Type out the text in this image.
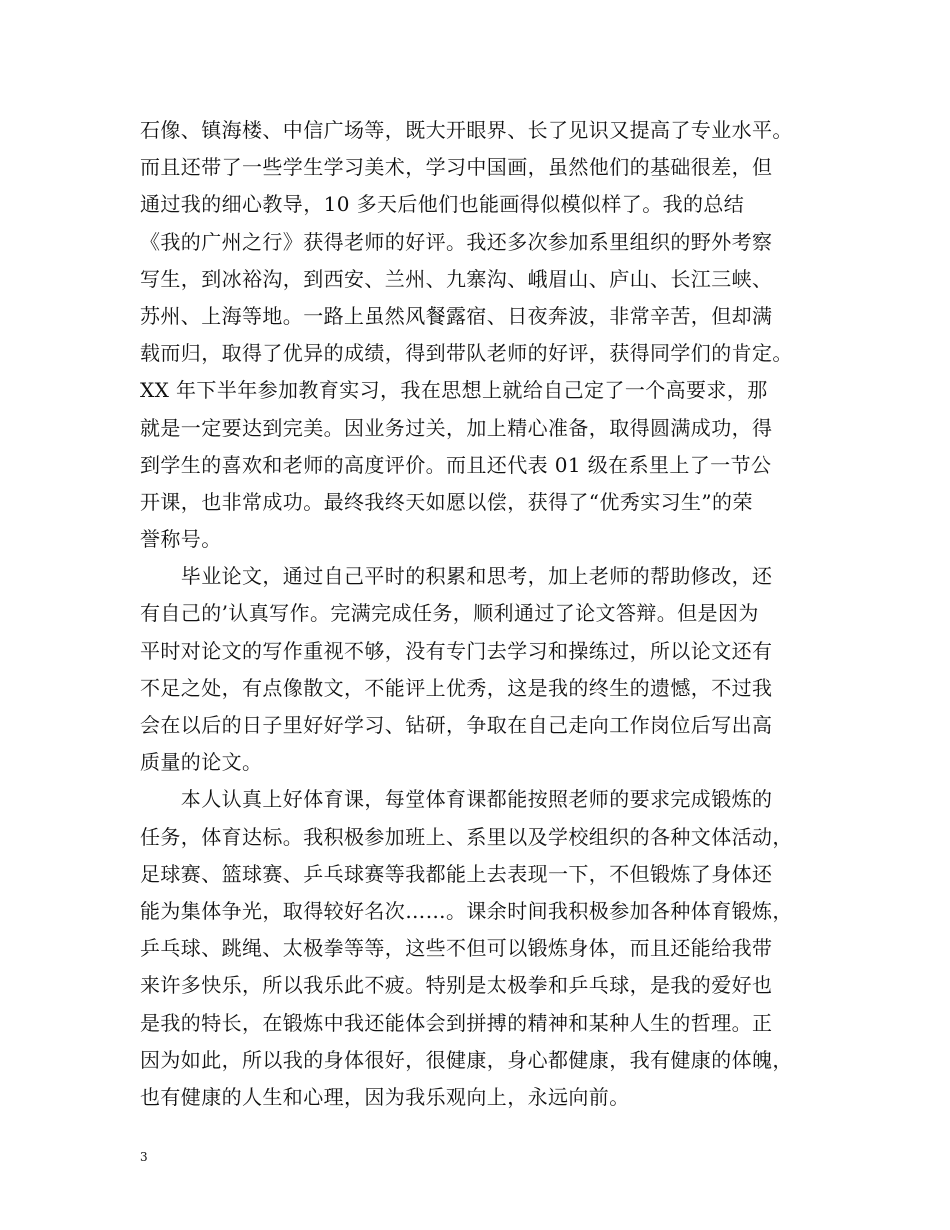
石像、镇海楼、中信广场等，既大开眼界、长了见识又提高了专业水平。
而且还带了一些学生学习美术，学习中国画，虽然他们的基础很差，但
通过我的细心教导，10 多天后他们也能画得似模似样了。我的总结
《我的广州之行》获得老师的好评。我还多次参加系里组织的野外考察
写生，到冰裕沟，到西安、兰州、九寨沟、峨眉山、庐山、长江三峡、
苏州、上海等地。一路上虽然风餐露宿、日夜奔波，非常辛苦，但却满
载而归，取得了优异的成绩，得到带队老师的好评，获得同学们的肯定。
XX 年下半年参加教育实习，我在思想上就给自己定了一个高要求，那
就是一定要达到完美。因业务过关，加上精心准备，取得圆满成功，得
到学生的喜欢和老师的高度评价。而且还代表 01 级在系里上了一节公
开课，也非常成功。最终我终天如愿以偿，获得了“优秀实习生”的荣
誉称号。
　　毕业论文，通过自己平时的积累和思考，加上老师的帮助修改，还
有自己的’认真写作。完满完成任务，顺利通过了论文答辩。但是因为
平时对论文的写作重视不够，没有专门去学习和操练过，所以论文还有
不足之处，有点像散文，不能评上优秀，这是我的终生的遗憾，不过我
会在以后的日子里好好学习、钻研，争取在自己走向工作岗位后写出高
质量的论文。
　　本人认真上好体育课，每堂体育课都能按照老师的要求完成锻炼的
任务，体育达标。我积极参加班上、系里以及学校组织的各种文体活动，
足球赛、篮球赛、乒乓球赛等我都能上去表现一下，不但锻炼了身体还
能为集体争光，取得较好名次……。课余时间我积极参加各种体育锻炼，
乒乓球、跳绳、太极拳等等，这些不但可以锻炼身体，而且还能给我带
来许多快乐，所以我乐此不疲。特别是太极拳和乒乓球，是我的爱好也
是我的特长，在锻炼中我还能体会到拼搏的精神和某种人生的哲理。正
因为如此，所以我的身体很好，很健康，身心都健康，我有健康的体魄，
也有健康的人生和心理，因为我乐观向上，永远向前。
3
